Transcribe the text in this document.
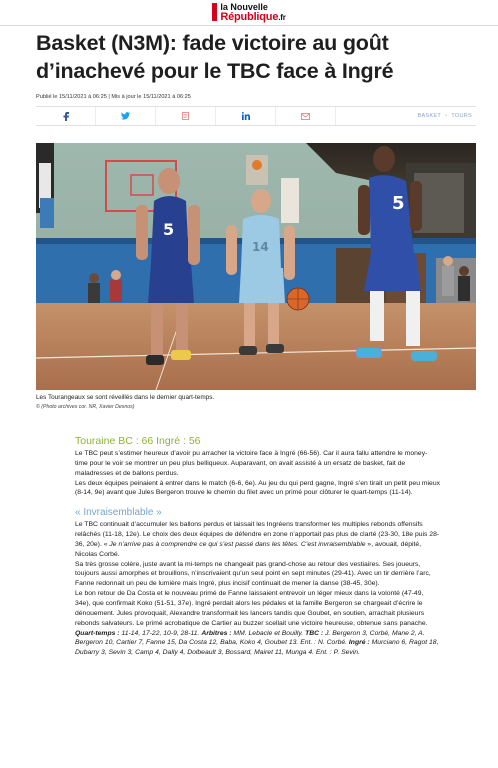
la Nouvelle
République.fr
Basket (N3M): fade victoire au goût d’inachevé pour le TBC face à Ingré
Publié le 15/11/2021 à 06:25 | Mis à jour le 15/11/2021 à 06:25
BASKET • TOURS
5
14
5
Les Tourangeaux se sont réveillés dans le dernier quart-temps.
© (Photo archives cor. NR, Xavier Desnos)
Touraine BC : 66 Ingré : 56

Le TBC peut s’estimer heureux d’avoir pu arracher la victoire face à Ingré (66-56). Car il aura fallu attendre le money-time pour le voir se montrer un peu plus belliqueux. Auparavant, on avait assisté à un ersatz de basket, fait de maladresses et de ballons perdus.

Les deux équipes peinaient à entrer dans le match (6-6, 6e). Au jeu du qui perd gagne, Ingré s’en tirait un petit peu mieux (8-14, 9e) avant que Jules Bergeron trouve le chemin du filet avec un primé pour clôturer le quart-temps (11-14).

« Invraisemblable »

Le TBC continuait d’accumuler les ballons perdus et laissait les Ingréens transformer les multiples rebonds offensifs relâchés (11-18, 12e). Le choix des deux équipes de défendre en zone n’apportait pas plus de clarté (23-30, 18e puis 28-36, 20e). « Je n’arrive pas à comprendre ce qui s’est passé dans les têtes. C’est invraisemblable », avouait, dépité, Nicolas Corbé.

Sa très grosse colère, juste avant la mi-temps ne changeait pas grand-chose au retour des vestiaires. Ses joueurs, toujours aussi amorphes et brouillons, n’inscrivaient qu’un seul point en sept minutes (29-41). Avec un tir derrière l’arc, Fanne redonnait un peu de lumière mais Ingré, plus incisif continuait de mener la danse (38-45, 30e).

Le bon retour de Da Costa et le nouveau primé de Fanne laissaient entrevoir un léger mieux dans la volonté (47-49, 34e), que confirmait Koko (51-51, 37e). Ingré perdait alors les pédales et la famille Bergeron se chargeait d’écrire le dénouement. Jules provoquait, Alexandre transformait les lancers tandis que Goubet, en soutien, arrachait plusieurs rebonds salvateurs. Le primé acrobatique de Cartier au buzzer scellait une victoire heureuse, obtenue sans panache.

Quart-temps : 11-14, 17-22, 10-9, 28-11. Arbitres : MM. Lebacle et Bouilly. TBC : J. Bergeron 3, Corbé, Mane 2, A. Bergeron 10, Cartier 7, Fanne 15, Da Costa 12, Baba, Koko 4, Goubet 13. Ent. : N. Corbé. Ingré : Murciano 6, Ragot 18, Dubarry 3, Sevin 3, Camp 4, Dally 4, Dolbeault 3, Bossard, Mairet 11, Munga 4. Ent. : P. Sevin.
